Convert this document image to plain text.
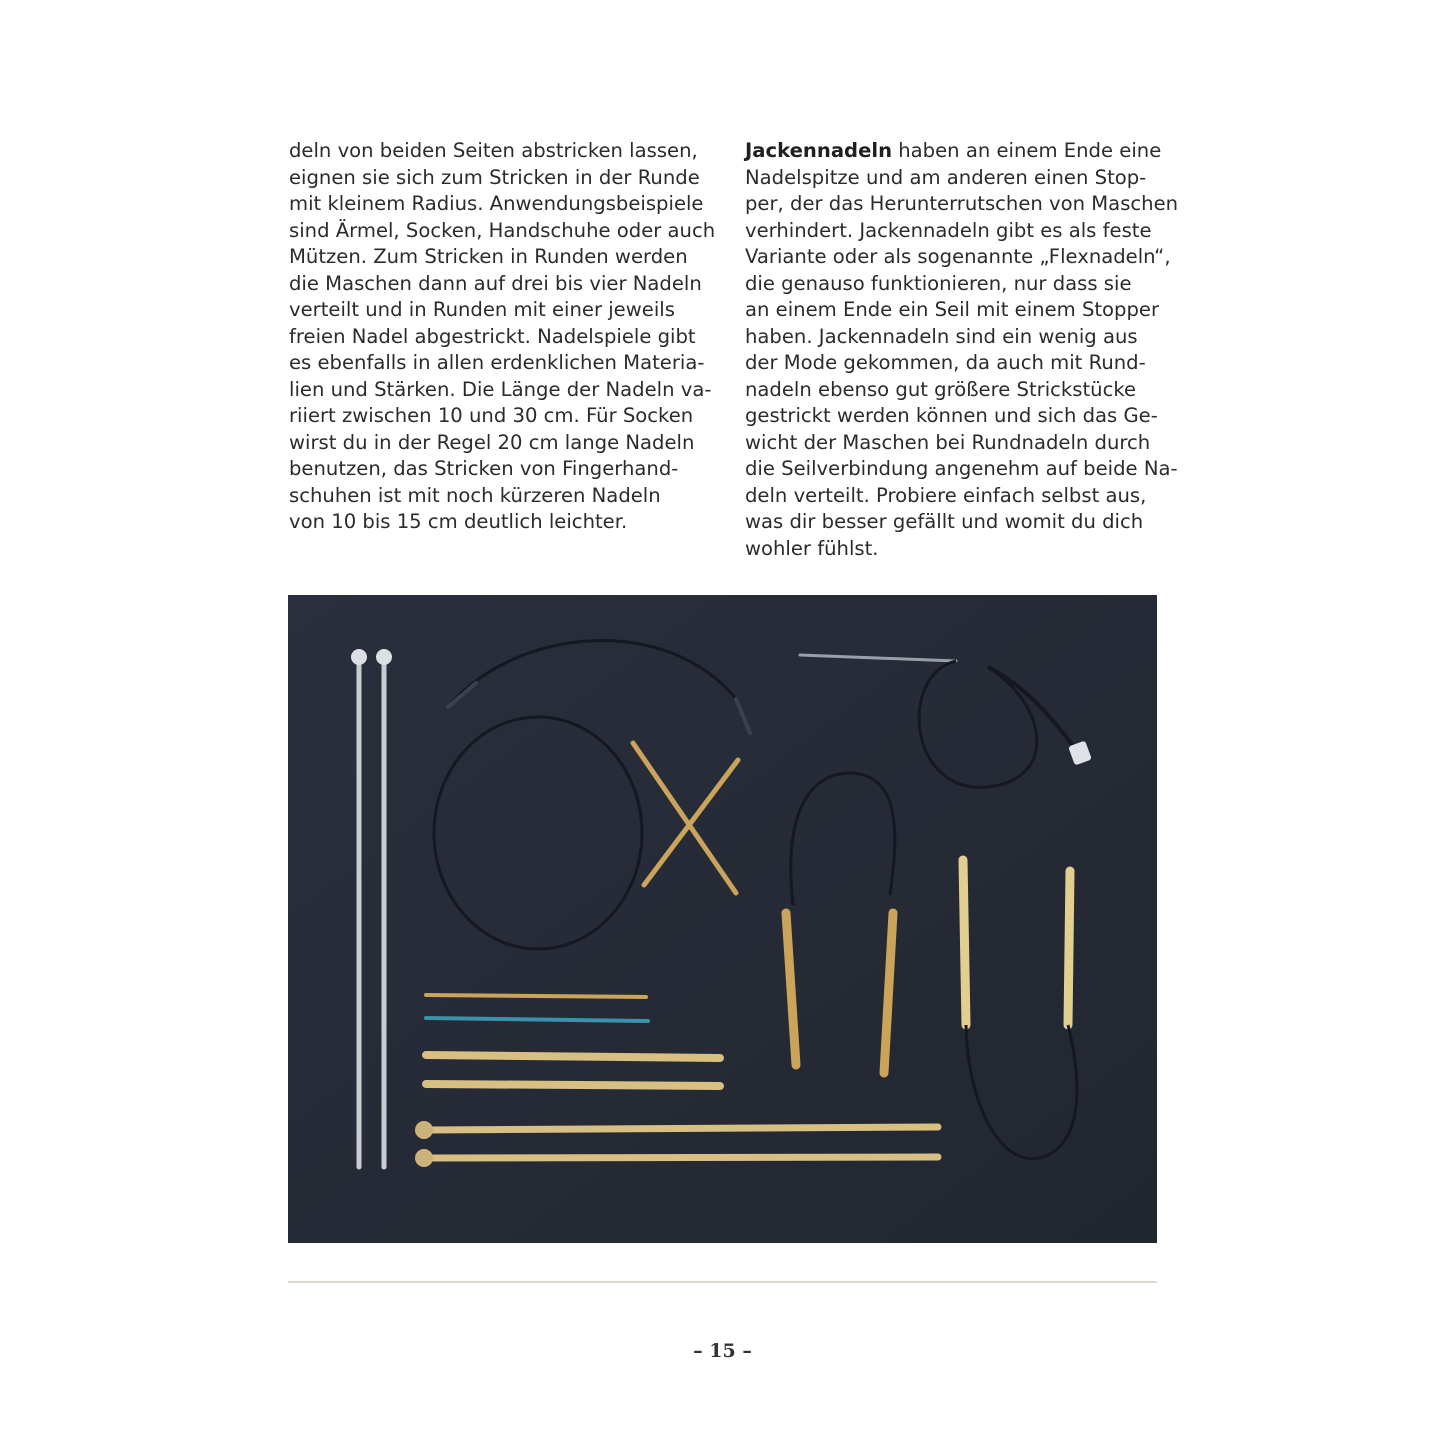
deln von beiden Seiten abstricken lassen,
eignen sie sich zum Stricken in der Runde
mit kleinem Radius. Anwendungsbeispiele
sind Ärmel, Socken, Handschuhe oder auch
Mützen. Zum Stricken in Runden werden
die Maschen dann auf drei bis vier Nadeln
verteilt und in Runden mit einer jeweils
freien Nadel abgestrickt. Nadelspiele gibt
es ebenfalls in allen erdenklichen Materia-
lien und Stärken. Die Länge der Nadeln va-
riiert zwischen 10 und 30 cm. Für Socken
wirst du in der Regel 20 cm lange Nadeln
benutzen, das Stricken von Fingerhand-
schuhen ist mit noch kürzeren Nadeln
von 10 bis 15 cm deutlich leichter.
Jackennadeln haben an einem Ende eine
Nadelspitze und am anderen einen Stop-
per, der das Herunterrutschen von Maschen
verhindert. Jackennadeln gibt es als feste
Variante oder als sogenannte „Flexnadeln“,
die genauso funktionieren, nur dass sie
an einem Ende ein Seil mit einem Stopper
haben. Jackennadeln sind ein wenig aus
der Mode gekommen, da auch mit Rund-
nadeln ebenso gut größere Strickstücke
gestrickt werden können und sich das Ge-
wicht der Maschen bei Rundnadeln durch
die Seilverbindung angenehm auf beide Na-
deln verteilt. Probiere einfach selbst aus,
was dir besser gefällt und womit du dich
wohler fühlst.
– 15 –
